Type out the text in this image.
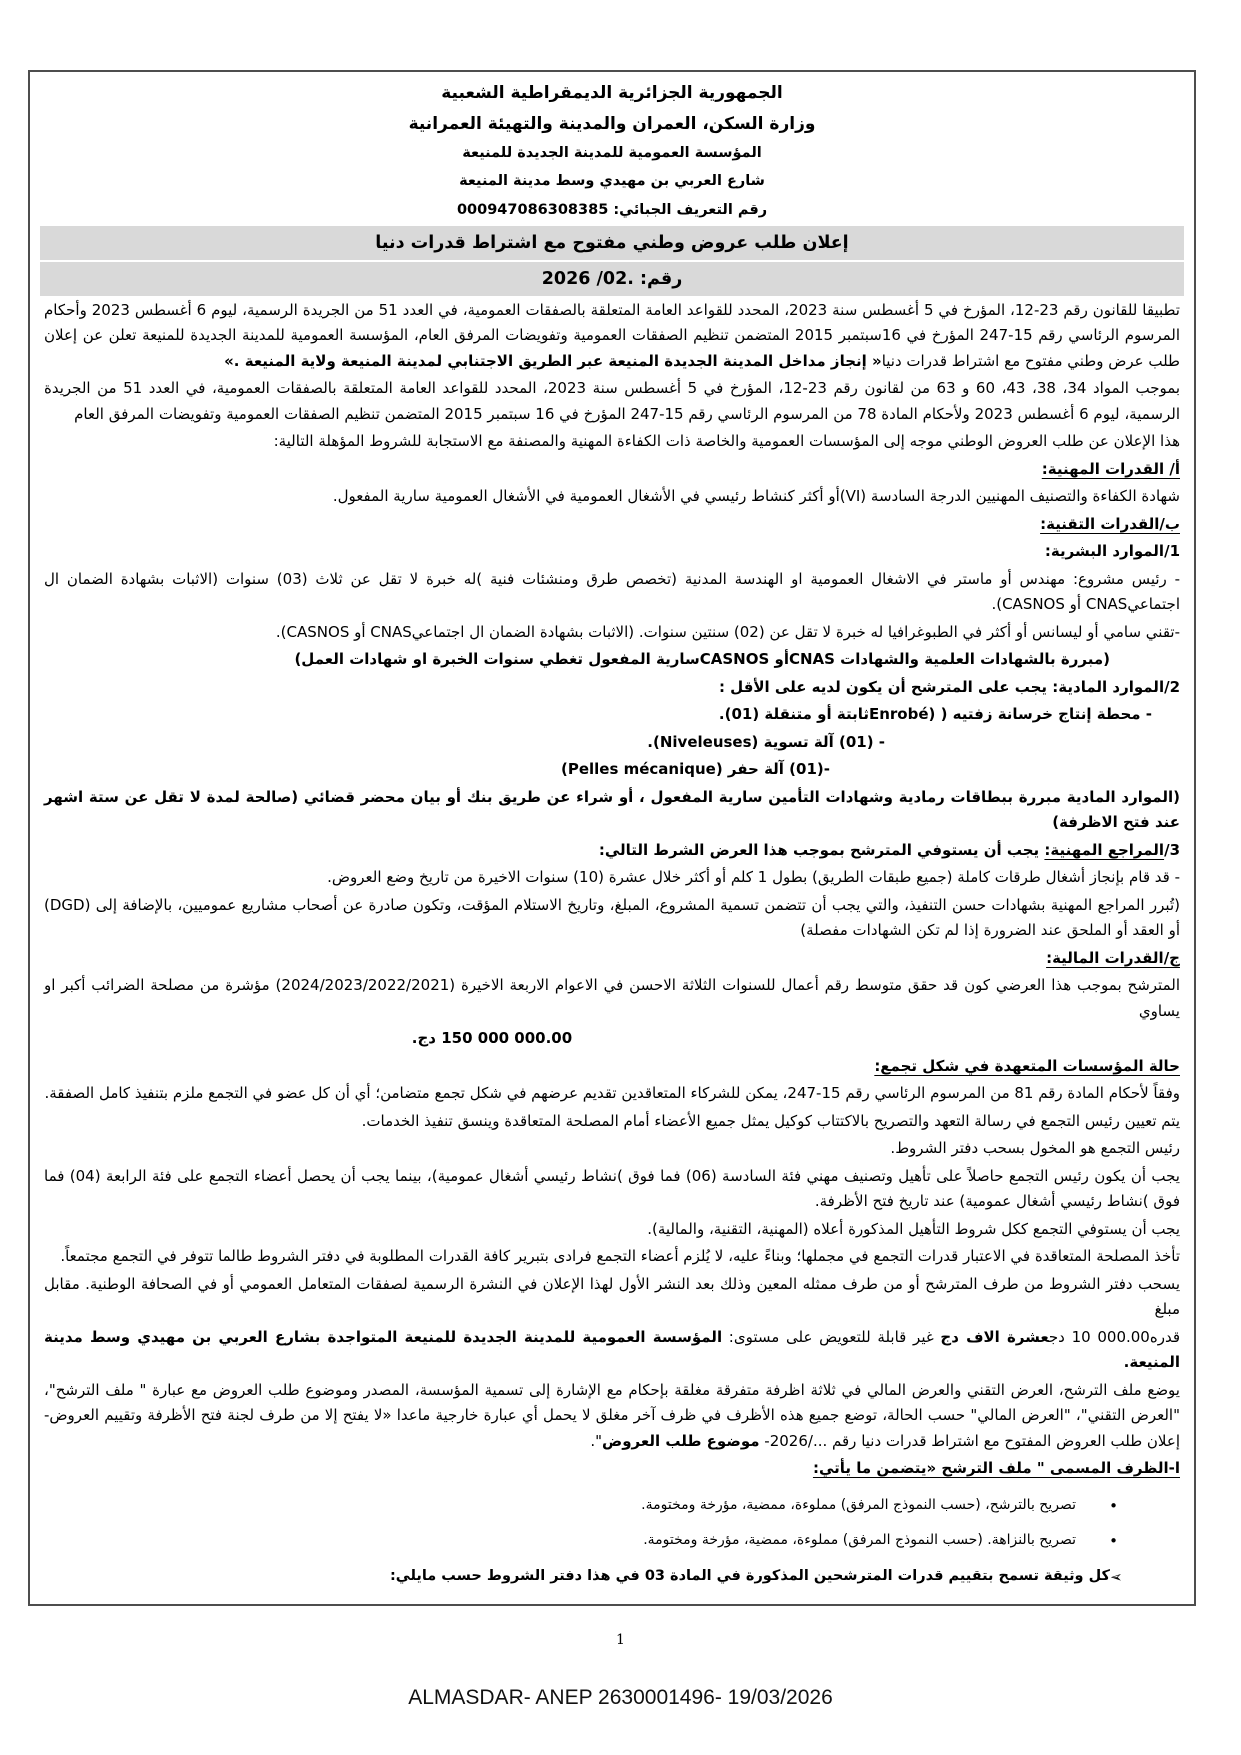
الجمهورية الجزائرية الديمقراطية الشعبية
وزارة السكن، العمران والمدينة والتهيئة العمرانية
المؤسسة العمومية للمدينة الجديدة للمنيعة
شارع العربي بن مهيدي وسط مدينة المنيعة
رقم التعريف الجبائي: 000947086308385
إعلان طلب عروض وطني مفتوح مع اشتراط قدرات دنيا
رقم: .02/ 2026

تطبيقا للقانون رقم 23-12، المؤرخ في 5 أغسطس سنة 2023، المحدد للقواعد العامة المتعلقة بالصفقات العمومية، في العدد 51 من الجريدة الرسمية، ليوم 6 أغسطس 2023 وأحكام المرسوم الرئاسي رقم 15-247 المؤرخ في 16سبتمبر 2015 المتضمن تنظيم الصفقات العمومية وتفويضات المرفق العام، المؤسسة العمومية للمدينة الجديدة للمنيعة تعلن عن إعلان طلب عرض وطني مفتوح مع اشتراط قدرات دنيا« إنجاز مداخل المدينة الجديدة المنيعة عبر الطريق الاجتنابي لمدينة المنيعة ولاية المنيعة .»

بموجب المواد 34، 38، 43، 60 و 63 من لقانون رقم 23-12، المؤرخ في 5 أغسطس سنة 2023، المحدد للقواعد العامة المتعلقة بالصفقات العمومية، في العدد 51 من الجريدة الرسمية، ليوم 6 أغسطس 2023 ولأحكام المادة 78 من المرسوم الرئاسي رقم 15-247 المؤرخ في 16 سبتمبر 2015 المتضمن تنظيم الصفقات العمومية وتفويضات المرفق العام

هذا الإعلان عن طلب العروض الوطني موجه إلى المؤسسات العمومية والخاصة ذات الكفاءة المهنية والمصنفة مع الاستجابة للشروط المؤهلة التالية:

أ/ القدرات المهنية:

شهادة الكفاءة والتصنيف المهنيين الدرجة السادسة (VI)أو أكثر كنشاط رئيسي في الأشغال العمومية في الأشغال العمومية سارية المفعول.

ب/القدرات التقنية:

1/الموارد البشرية:

- رئيس مشروع: مهندس أو ماستر في الاشغال العمومية او الهندسة المدنية (تخصص طرق ومنشئات فنية )له خبرة لا تقل عن ثلاث (03) سنوات (الاثبات بشهادة الضمان ال اجتماعيCNAS أو CASNOS).

-تقني سامي أو ليسانس أو أكثر في الطبوغرافيا له خبرة لا تقل عن (02) سنتين سنوات. (الاثبات بشهادة الضمان ال اجتماعيCNAS أو CASNOS).

(مبررة بالشهادات العلمية والشهادات CNASأو CASNOSسارية المفعول تغطي سنوات الخبرة او شهادات العمل)

2/الموارد المادية: يجب على المترشح أن يكون لديه على الأقل :

- محطة إنتاج خرسانة زفتيه ( (Enrobéثابتة أو متنقلة (01).

- (01) آلة تسوية (Niveleuses).

-(01) آلة حفر (Pelles mécanique)

(الموارد المادية مبررة ببطاقات رمادية وشهادات التأمين سارية المفعول ، أو شراء عن طريق بنك أو بيان محضر قضائي (صالحة لمدة لا تقل عن ستة اشهر عند فتح الاظرفة)

3/المراجع المهنية: يجب أن يستوفي المترشح بموجب هذا العرض الشرط التالي:

- قد قام بإنجاز أشغال طرقات كاملة (جميع طبقات الطريق) بطول 1 كلم أو أكثر خلال عشرة (10) سنوات الاخيرة من تاريخ وضع العروض.

(تُبرر المراجع المهنية بشهادات حسن التنفيذ، والتي يجب أن تتضمن تسمية المشروع، المبلغ، وتاريخ الاستلام المؤقت، وتكون صادرة عن أصحاب مشاريع عموميين، بالإضافة إلى (DGD) أو العقد أو الملحق عند الضرورة إذا لم تكن الشهادات مفصلة)

ج/القدرات المالية:

المترشح بموجب هذا العرضي كون قد حقق متوسط رقم أعمال للسنوات الثلاثة الاحسن في الاعوام الاربعة الاخيرة (2024/2023/2022/2021) مؤشرة من مصلحة الضرائب أكبر او يساوي

150 000 000.00 دج.

حالة المؤسسات المتعهدة في شكل تجمع:

وفقاً لأحكام المادة رقم 81 من المرسوم الرئاسي رقم 15-247، يمكن للشركاء المتعاقدين تقديم عرضهم في شكل تجمع متضامن؛ أي أن كل عضو في التجمع ملزم بتنفيذ كامل الصفقة.

يتم تعيين رئيس التجمع في رسالة التعهد والتصريح بالاكتتاب كوكيل يمثل جميع الأعضاء أمام المصلحة المتعاقدة وينسق تنفيذ الخدمات.

رئيس التجمع هو المخول بسحب دفتر الشروط.

يجب أن يكون رئيس التجمع حاصلاً على تأهيل وتصنيف مهني فئة السادسة (06) فما فوق )نشاط رئيسي أشغال عمومية)، بينما يجب أن يحصل أعضاء التجمع على فئة الرابعة (04) فما فوق )نشاط رئيسي أشغال عمومية) عند تاريخ فتح الأظرفة.

يجب أن يستوفي التجمع ككل شروط التأهيل المذكورة أعلاه (المهنية، التقنية، والمالية).

تأخذ المصلحة المتعاقدة في الاعتبار قدرات التجمع في مجملها؛ وبناءً عليه، لا يُلزم أعضاء التجمع فرادى بتبرير كافة القدرات المطلوبة في دفتر الشروط طالما تتوفر في التجمع مجتمعاً.

يسحب دفتر الشروط من طرف المترشح أو من طرف ممثله المعين وذلك بعد النشر الأول لهذا الإعلان في النشرة الرسمية لصفقات المتعامل العمومي أو في الصحافة الوطنية. مقابل مبلغ

قدره10 000.00 دجعشرة الاف دج غير قابلة للتعويض على مستوى: المؤسسة العمومية للمدينة الجديدة للمنيعة المتواجدة بشارع العربي بن مهيدي وسط مدينة المنيعة.

يوضع ملف الترشح، العرض التقني والعرض المالي في ثلاثة اظرفة متفرقة مغلقة بإحكام مع الإشارة إلى تسمية المؤسسة، المصدر وموضوع طلب العروض مع عبارة " ملف الترشح"، "العرض التقني"، "العرض المالي" حسب الحالة، توضع جميع هذه الأظرف في ظرف آخر مغلق لا يحمل أي عبارة خارجية ماعدا «لا يفتح إلا من طرف لجنة فتح الأظرفة وتقييم العروض-إعلان طلب العروض المفتوح مع اشتراط قدرات دنيا رقم .../2026- موضوع طلب العروض".

ا-الظرف المسمى " ملف الترشح «يتضمن ما يأتي:

•
تصريح بالترشح، (حسب النموذج المرفق) مملوءة، ممضية، مؤرخة ومختومة.
•
تصريح بالنزاهة. (حسب النموذج المرفق) مملوءة، ممضية، مؤرخة ومختومة.
➢
كل وثيقة تسمح بتقييم قدرات المترشحين المذكورة في المادة 03 في هذا دفتر الشروط حسب مايلي:
1
ALMASDAR- ANEP 2630001496- 19/03/2026
